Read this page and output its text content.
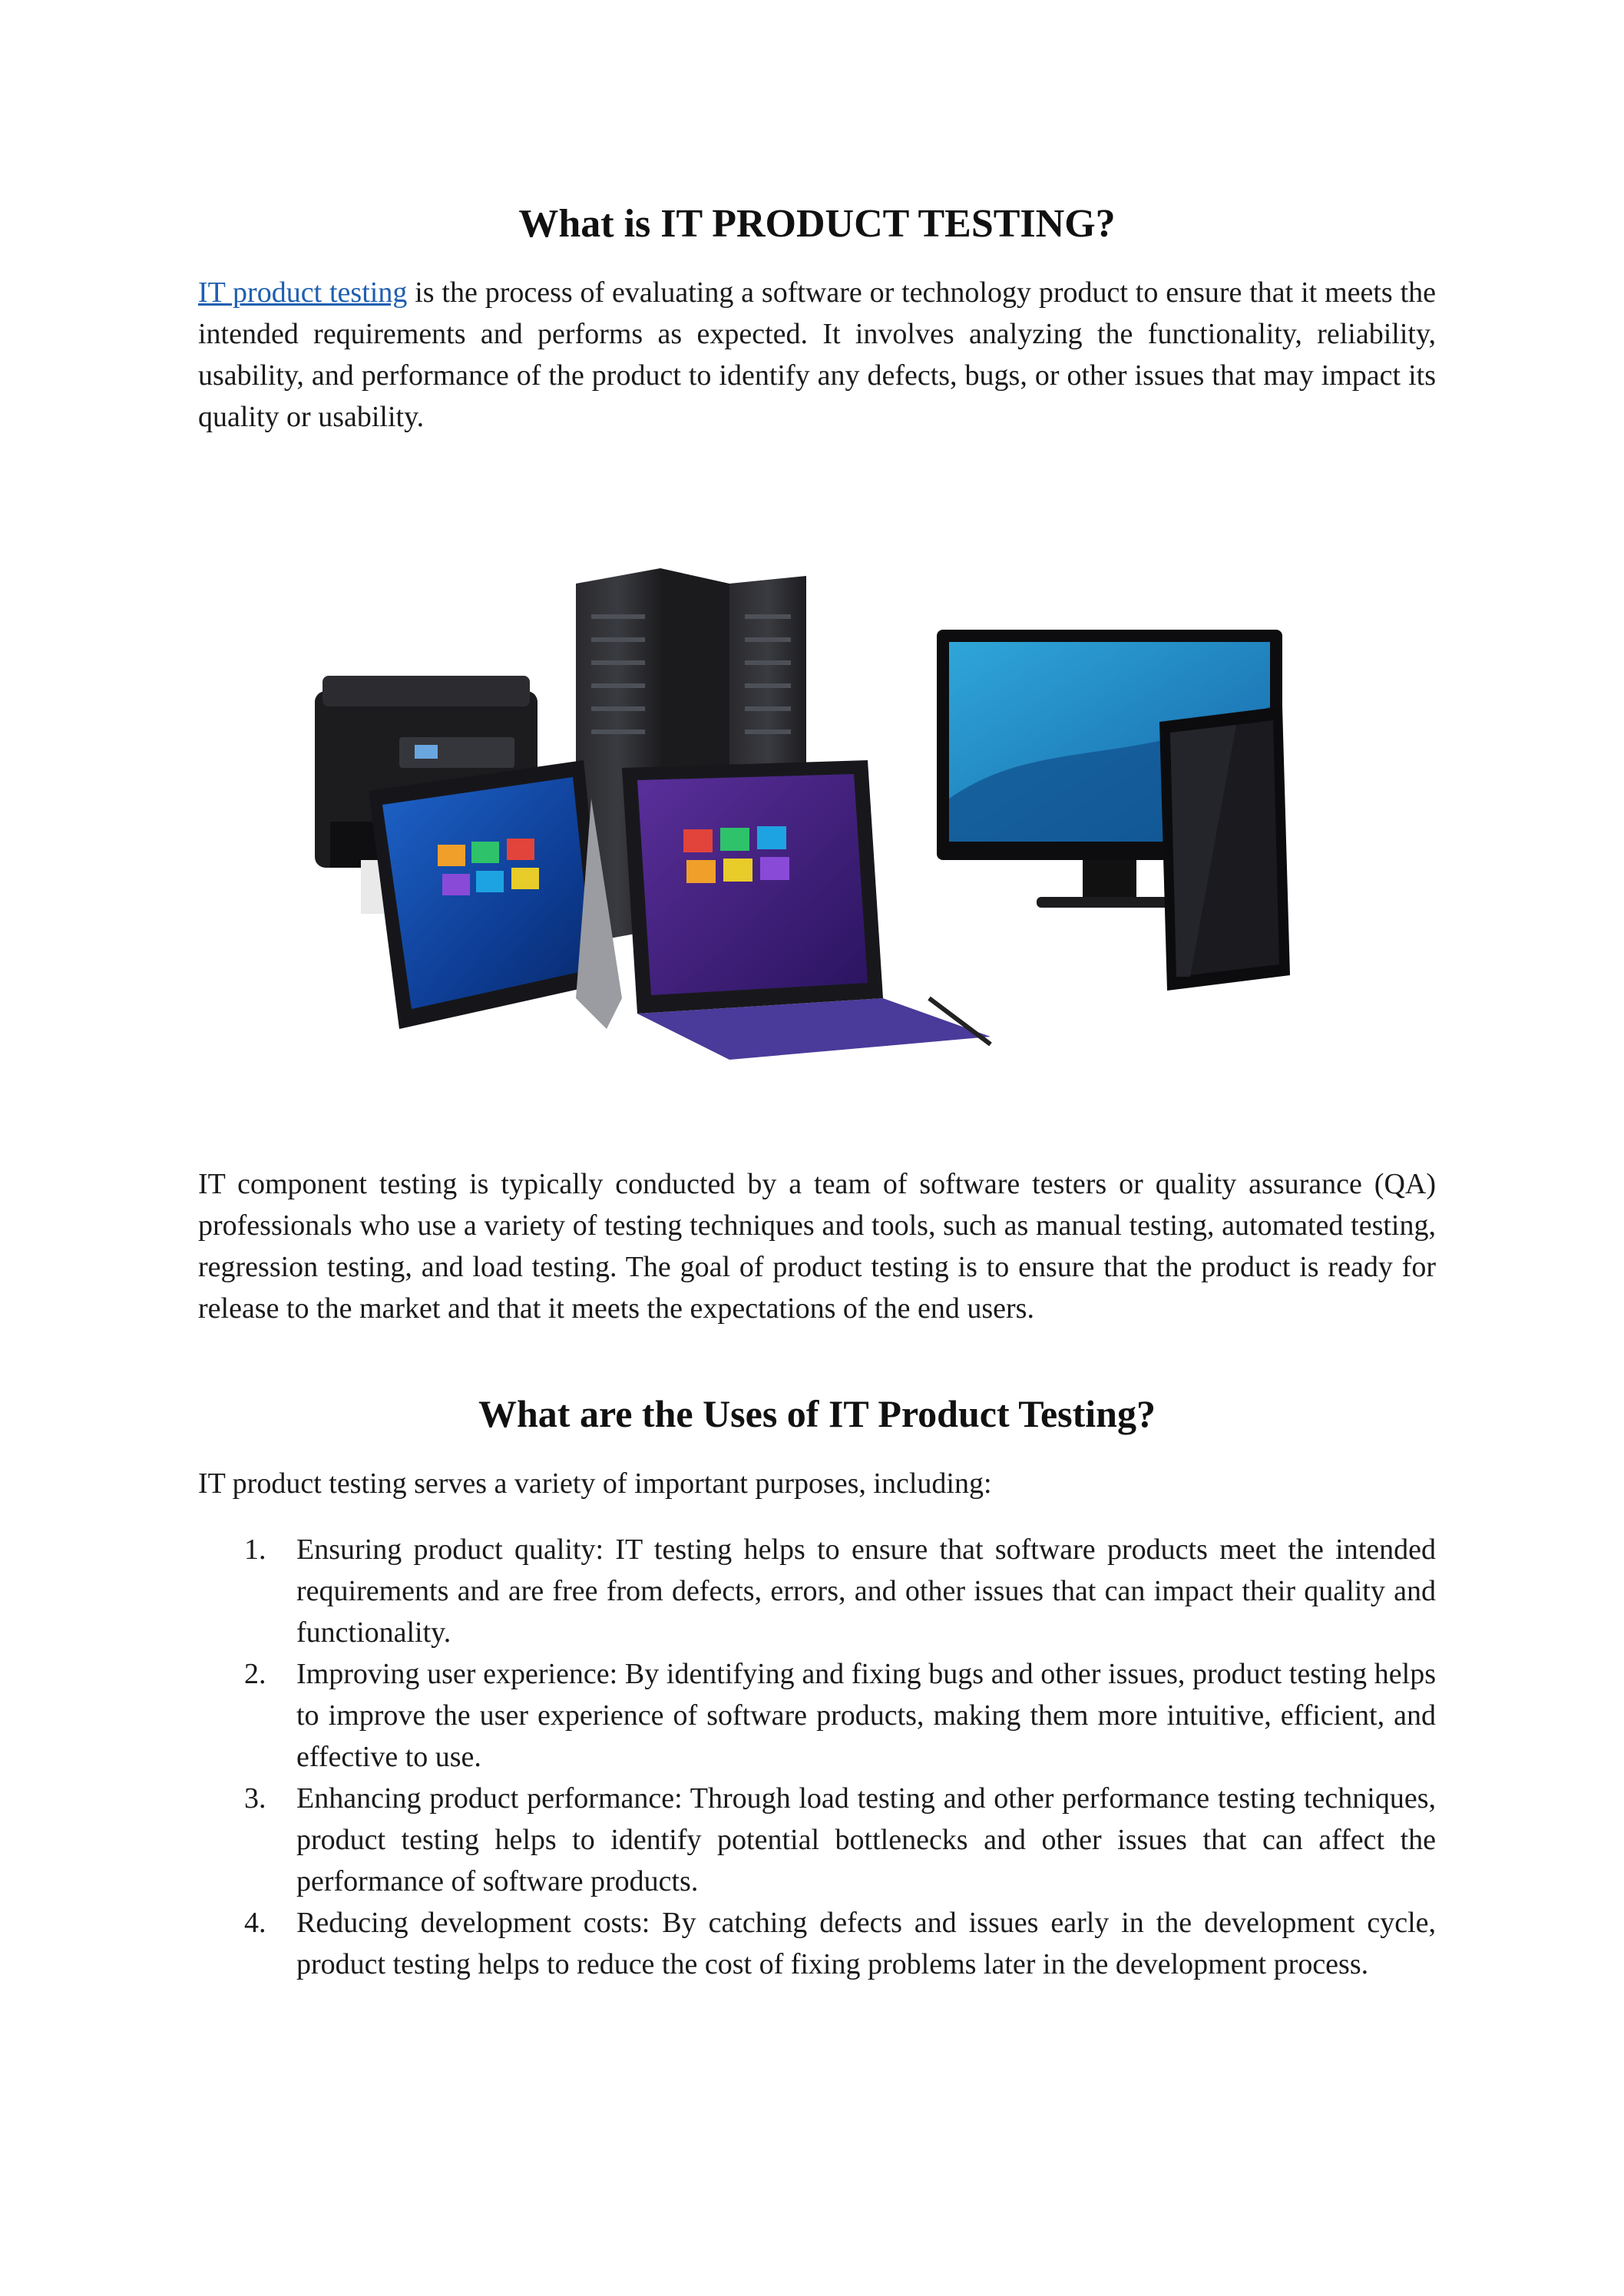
What is IT PRODUCT TESTING?

IT product testing is the process of evaluating a software or technology product to ensure that it meets the intended requirements and performs as expected. It involves analyzing the functionality, reliability, usability, and performance of the product to identify any defects, bugs, or other issues that may impact its quality or usability.

IT component testing is typically conducted by a team of software testers or quality assurance (QA) professionals who use a variety of testing techniques and tools, such as manual testing, automated testing, regression testing, and load testing. The goal of product testing is to ensure that the product is ready for release to the market and that it meets the expectations of the end users.

What are the Uses of IT Product Testing?

IT product testing serves a variety of important purposes, including:

1.	Ensuring product quality: IT testing helps to ensure that software products meet the intended requirements and are free from defects, errors, and other issues that can impact their quality and functionality.
2.	Improving user experience: By identifying and fixing bugs and other issues, product testing helps to improve the user experience of software products, making them more intuitive, efficient, and effective to use.
3.	Enhancing product performance: Through load testing and other performance testing techniques, product testing helps to identify potential bottlenecks and other issues that can affect the performance of software products.
4.	Reducing development costs: By catching defects and issues early in the development cycle, product testing helps to reduce the cost of fixing problems later in the development process.
